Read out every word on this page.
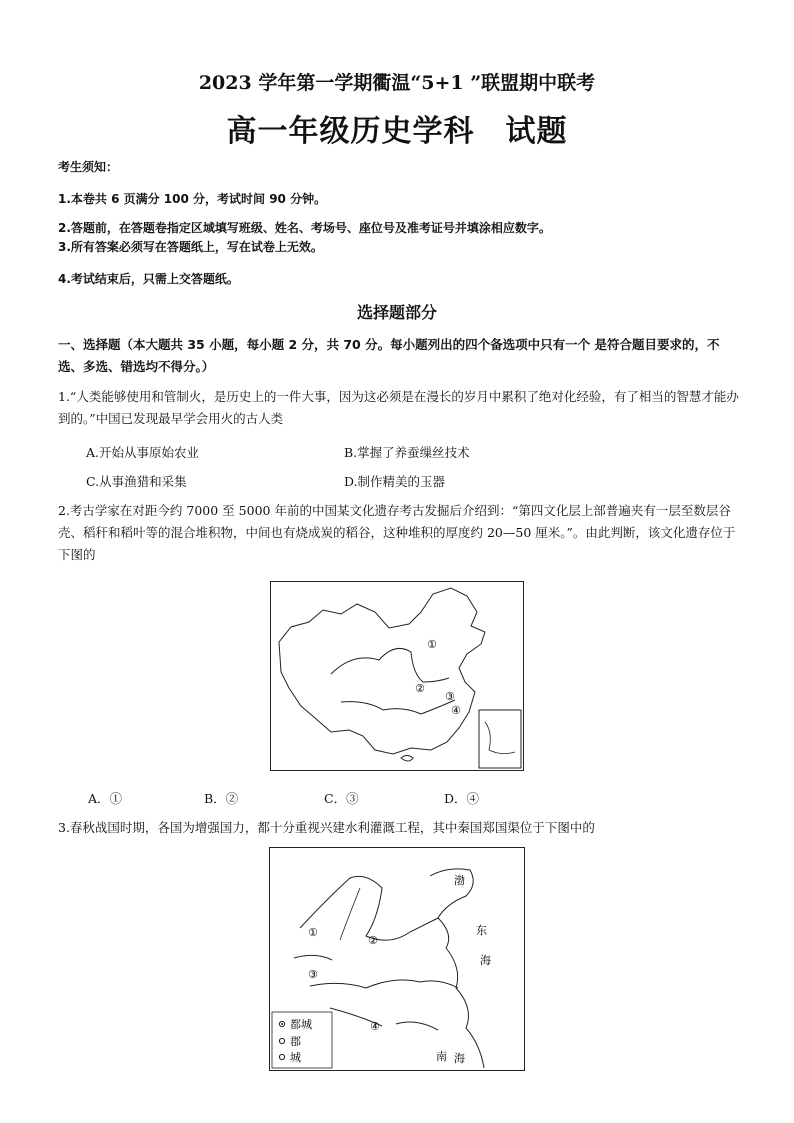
2023 学年第一学期衢温“5+1 ”联盟期中联考
高一年级历史学科　试题
考生须知：
1.本卷共 6 页满分 100 分，考试时间 90 分钟。
2.答题前，在答题卷指定区域填写班级、姓名、考场号、座位号及准考证号并填涂相应数字。
3.所有答案必须写在答题纸上，写在试卷上无效。
4.考试结束后，只需上交答题纸。
选择题部分
一、选择题（本大题共 35 小题，每小题 2 分，共 70 分。每小题列出的四个备选项中只有一个 是符合题目要求的，不选、多选、错选均不得分。）
1.“人类能够使用和管制火，是历史上的一件大事，因为这必须是在漫长的岁月中累积了绝对化经验，有了相当的智慧才能办到的。”中国已发现最早学会用火的古人类
A.开始从事原始农业	B.掌握了养蚕缫丝技术
C.从事渔猎和采集	D.制作精美的玉器
2.考古学家在对距今约 7000 至 5000 年前的中国某文化遗存考古发掘后介绍到：“第四文化层上部普遍夹有一层至数层谷壳、稻秆和稻叶等的混合堆积物，中间也有烧成炭的稻谷，这种堆积的厚度约 20—50 厘米。”。由此判断，该文化遗存位于下图的
①
②
③
④
A．①	B．②	C．③	D．④
3.春秋战国时期，各国为增强国力，都十分重视兴建水利灌溉工程，其中秦国郑国渠位于下图中的
东
海
南 海
渤
①
②
③
④
都城
郡
城
